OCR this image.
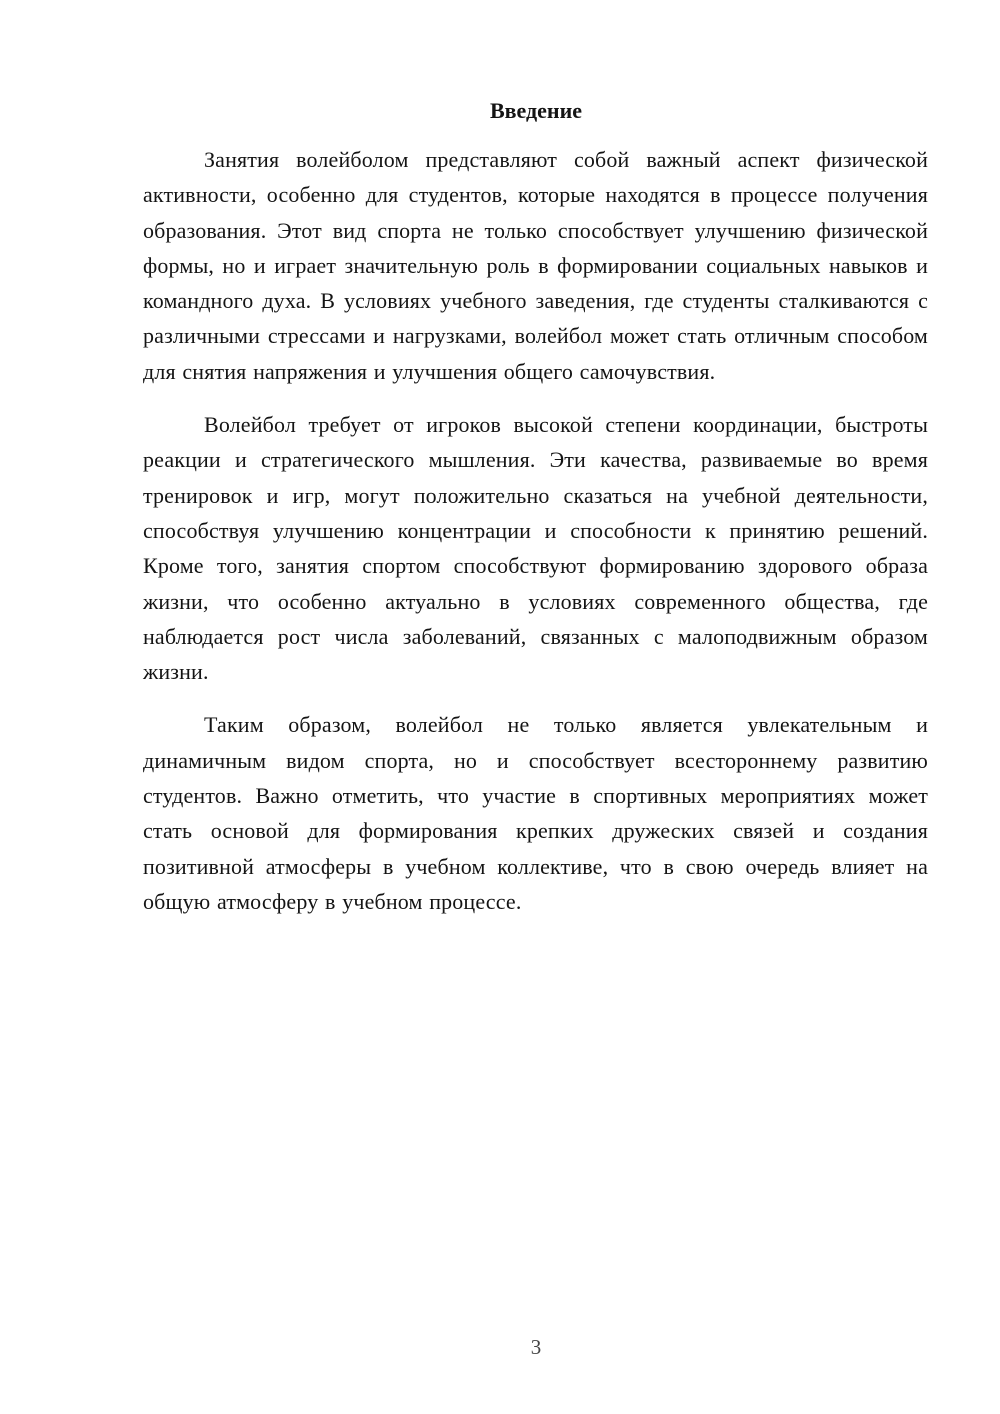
Введение

Занятия волейболом представляют собой важный аспект физической активности, особенно для студентов, которые находятся в процессе получения образования. Этот вид спорта не только способствует улучшению физической формы, но и играет значительную роль в формировании социальных навыков и командного духа. В условиях учебного заведения, где студенты сталкиваются с различными стрессами и нагрузками, волейбол может стать отличным способом для снятия напряжения и улучшения общего самочувствия.

Волейбол требует от игроков высокой степени координации, быстроты реакции и стратегического мышления. Эти качества, развиваемые во время тренировок и игр, могут положительно сказаться на учебной деятельности, способствуя улучшению концентрации и способности к принятию решений. Кроме того, занятия спортом способствуют формированию здорового образа жизни, что особенно актуально в условиях современного общества, где наблюдается рост числа заболеваний, связанных с малоподвижным образом жизни.

Таким образом, волейбол не только является увлекательным и динамичным видом спорта, но и способствует всестороннему развитию студентов. Важно отметить, что участие в спортивных мероприятиях может стать основой для формирования крепких дружеских связей и создания позитивной атмосферы в учебном коллективе, что в свою очередь влияет на общую атмосферу в учебном процессе.

3
